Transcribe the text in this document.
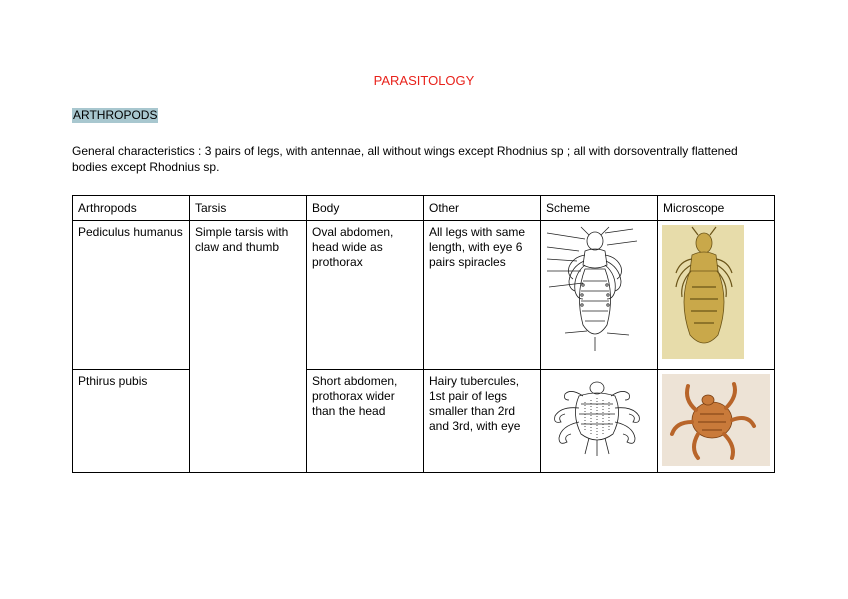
PARASITOLOGY
ARTHROPODS
General characteristics : 3 pairs of legs, with antennae, all without wings except Rhodnius sp ; all with dorsoventrally flattened bodies except Rhodnius sp.
Arthropods	Tarsis	Body	Other	Scheme	Microscope
Pediculus humanus	Simple tarsis with claw and thumb	Oval abdomen, head wide as prothorax	All legs with same length, with eye 6 pairs spiracles	

Pthirus pubis		Short abdomen, prothorax wider than the head	Hairy tubercules, 1st pair of legs smaller than 2rd and 3rd, with eye	
